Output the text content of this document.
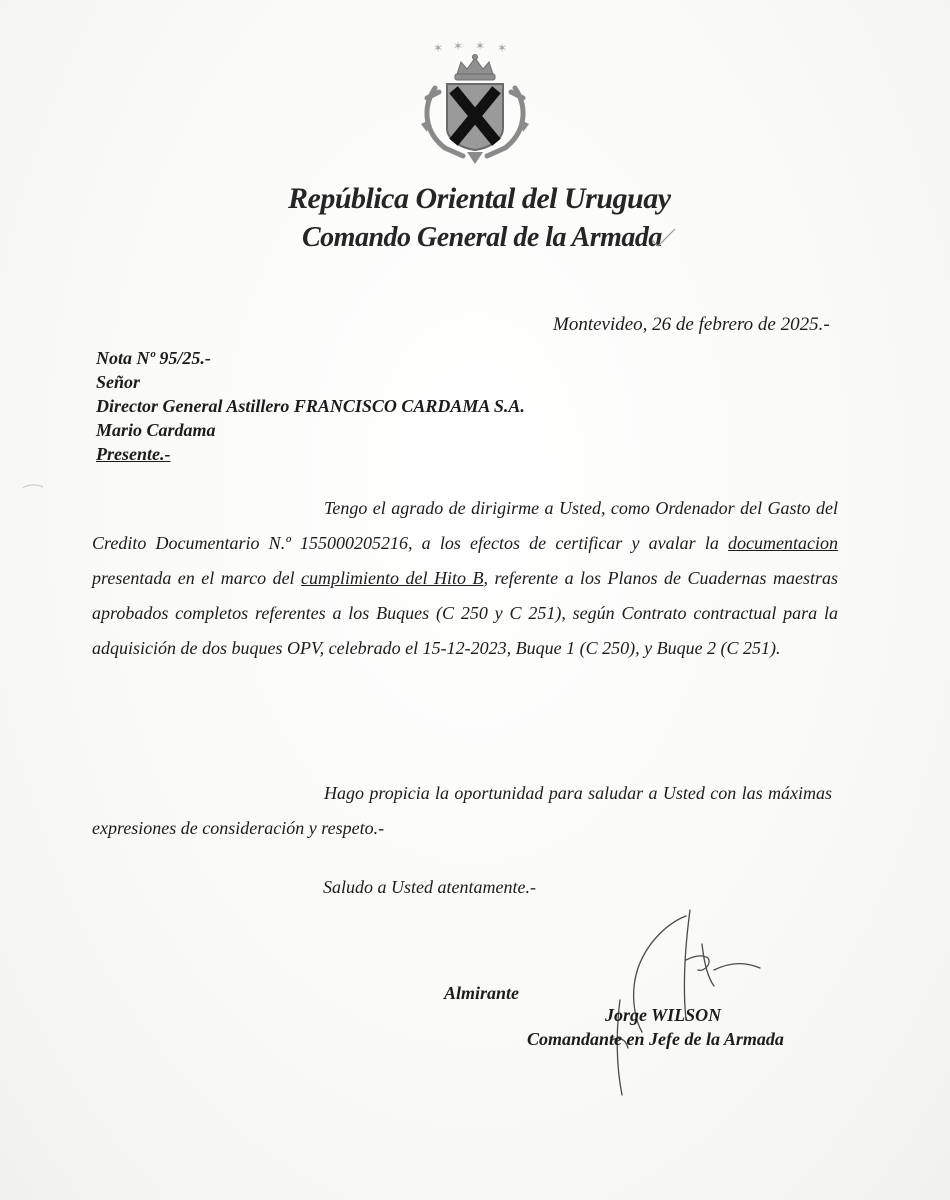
✶ ✶ ✶ ✶
República Oriental del Uruguay
Comando General de la Armada
Montevideo, 26 de febrero de 2025.-
Nota Nº 95/25.-
Señor
Director General Astillero FRANCISCO CARDAMA S.A.
Mario Cardama
Presente.-
Tengo el agrado de dirigirme a Usted, como Ordenador del Gasto del Credito Documentario N.º 155000205216, a los efectos de certificar y avalar la documentacion presentada en el marco del cumplimiento del Hito B, referente a los Planos de Cuadernas maestras aprobados completos referentes a los Buques (C 250 y C 251), según Contrato contractual para la adquisición de dos buques OPV, celebrado el 15-12-2023, Buque 1 (C 250), y Buque 2 (C 251).
Hago propicia la oportunidad para saludar a Usted con las máximas expresiones de consideración y respeto.-
Saludo a Usted atentamente.-
Almirante
Jorge WILSON
Comandante en Jefe de la Armada
